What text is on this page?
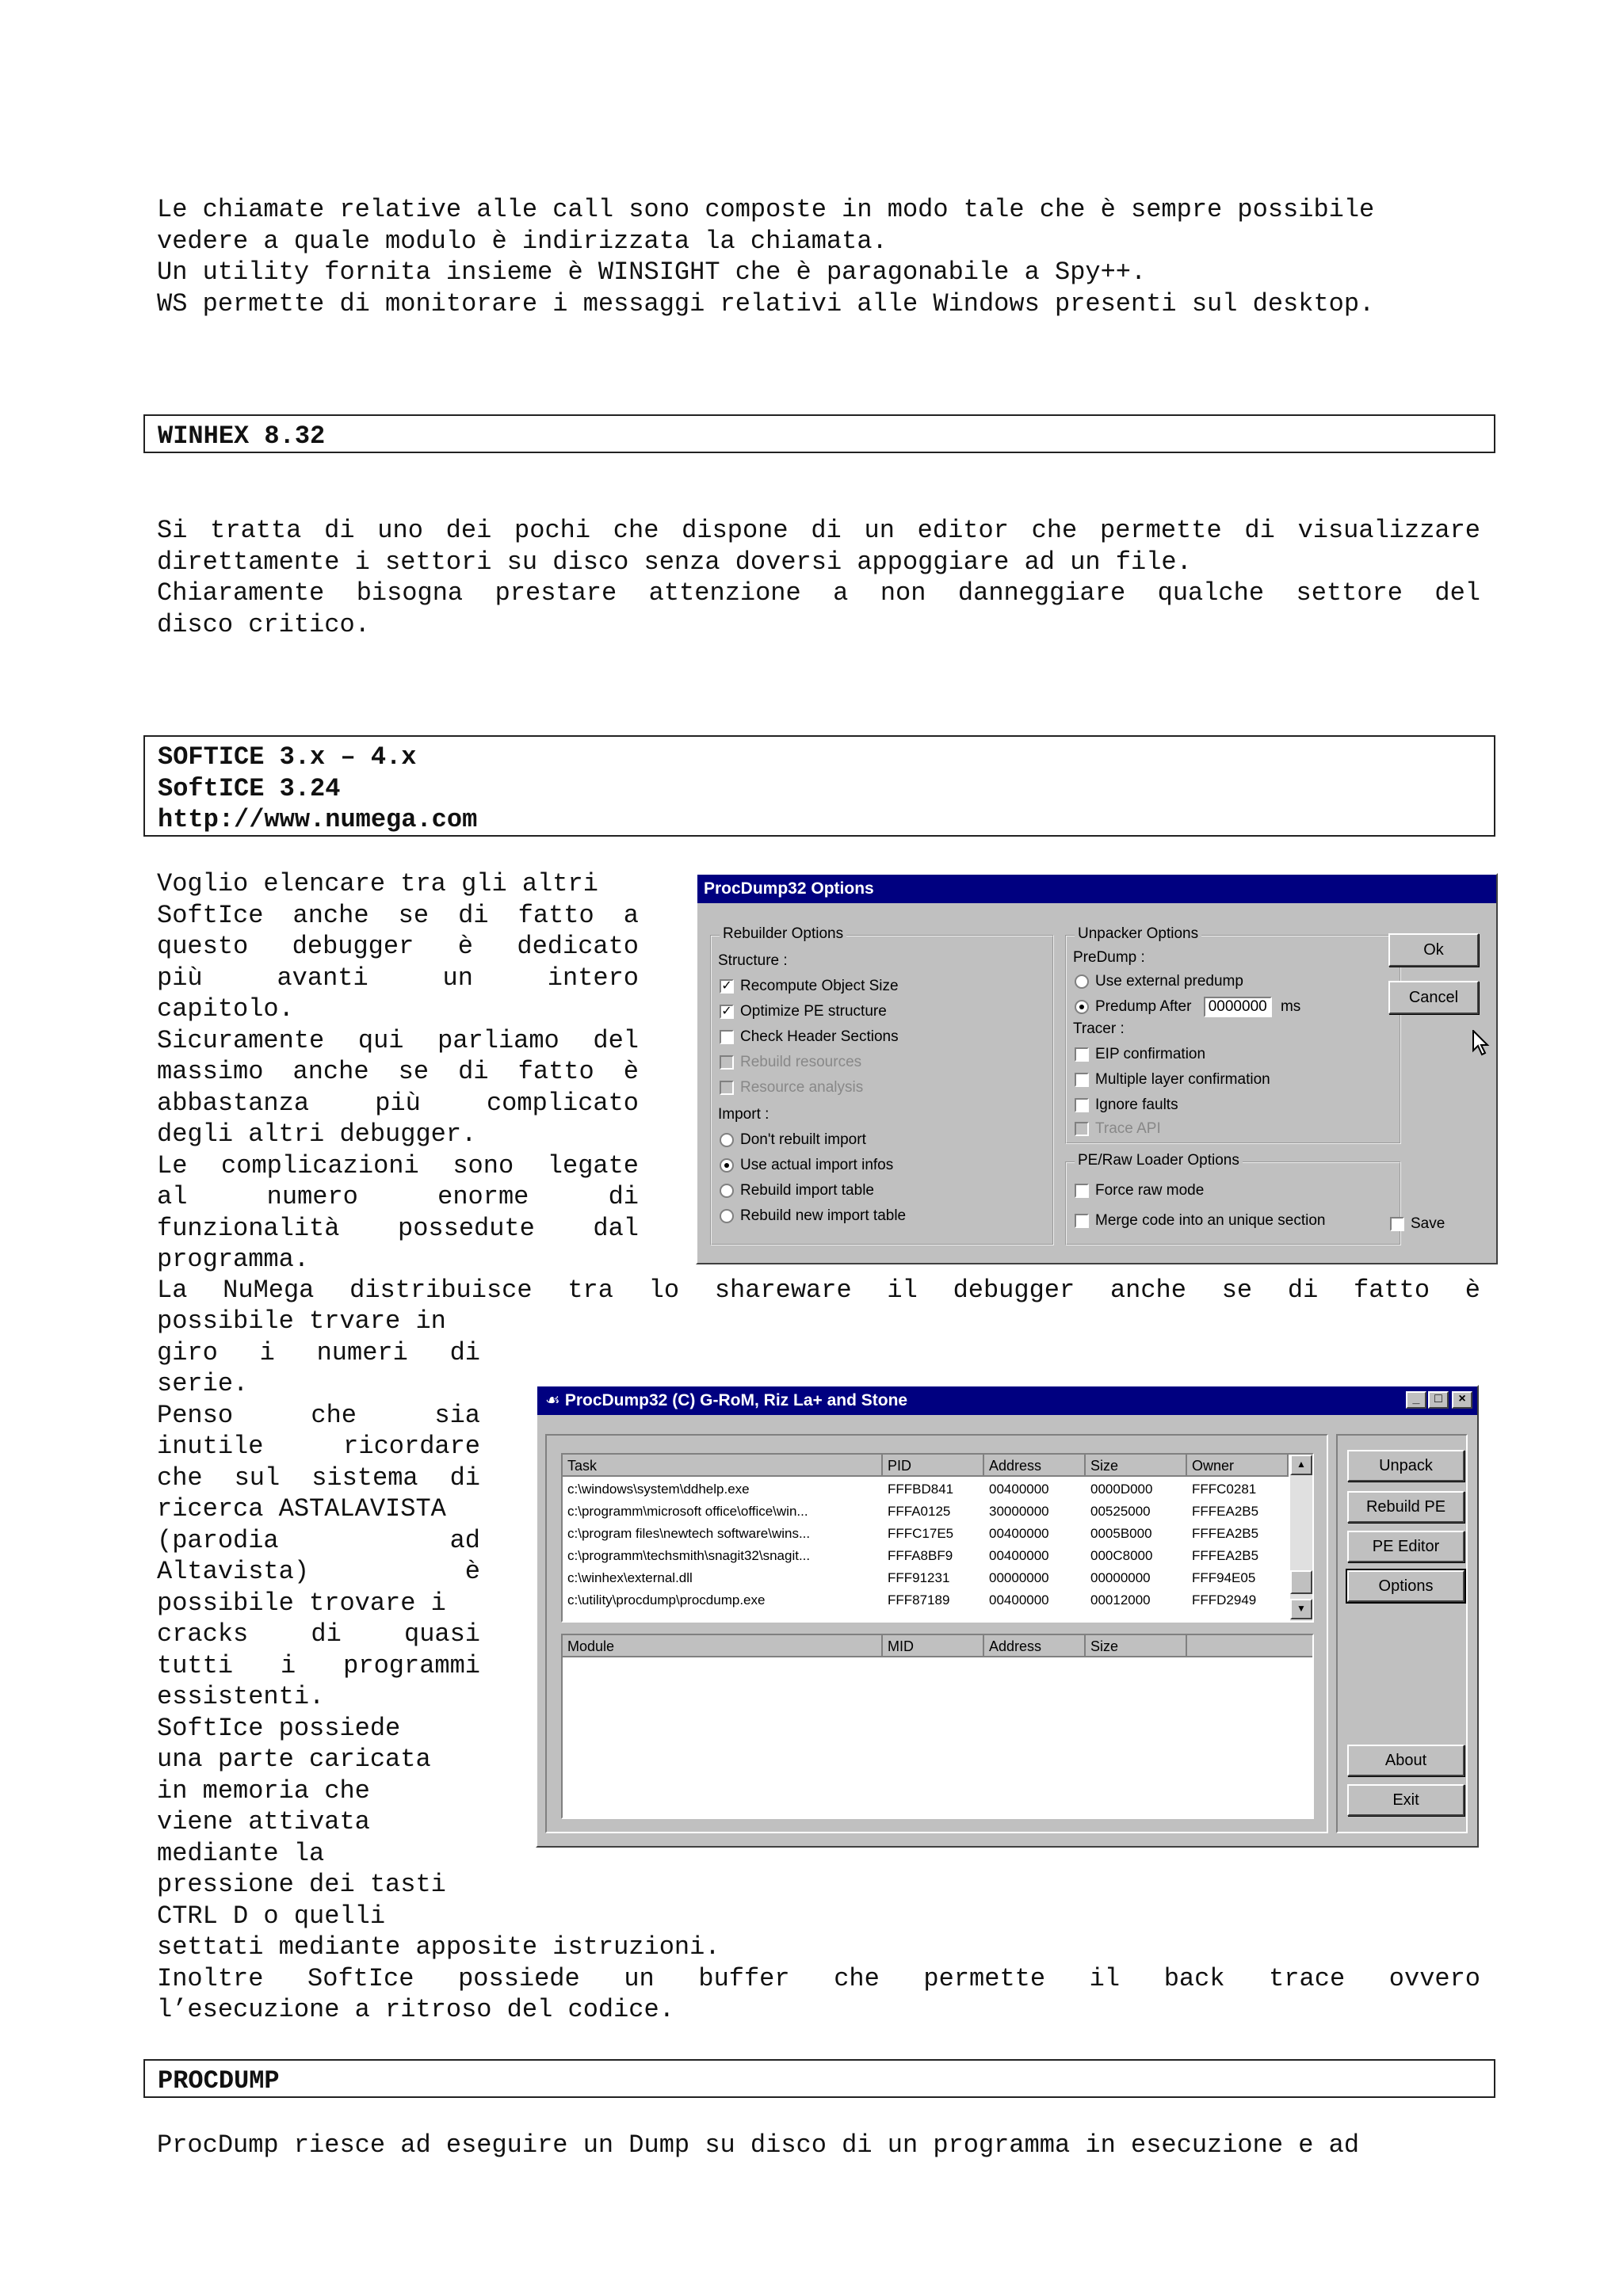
Le chiamate relative alle call sono composte in modo tale che è sempre possibile
vedere a quale modulo è indirizzata la chiamata.
Un utility fornita insieme è WINSIGHT che è paragonabile a Spy++.
WS permette di monitorare i messaggi relativi alle Windows presenti sul desktop.
WINHEX 8.32
Si tratta di uno dei pochi che dispone di un editor che permette di visualizzare
direttamente i settori su disco senza doversi appoggiare ad un file.
Chiaramente bisogna prestare attenzione a non danneggiare qualche settore del
disco critico.
SOFTICE 3.x – 4.x
SoftICE 3.24
http://www.numega.com
Voglio elencare tra gli altri
SoftIce anche se di fatto a
questo debugger è dedicato
più avanti un intero
capitolo.
Sicuramente qui parliamo del
massimo anche se di fatto è
abbastanza più complicato
degli altri debugger.
Le complicazioni sono legate
al numero enorme di
funzionalità possedute dal
programma.
La NuMega distribuisce tra lo shareware il debugger anche se di fatto è
possibile trvare in
giro i numeri di
serie.
Penso che sia
inutile ricordare
che sul sistema di
ricerca ASTALAVISTA
(parodia ad
Altavista) è
possibile trovare i
cracks di quasi
tutti i programmi
essistenti.
SoftIce possiede
una parte caricata
in memoria che
viene attivata
mediante la
pressione dei tasti
CTRL D o quelli
settati mediante apposite istruzioni.
Inoltre SoftIce possiede un buffer che permette il back trace ovvero
l’esecuzione a ritroso del codice.
PROCDUMP
ProcDump riesce ad eseguire un Dump su disco di un programma in esecuzione e ad
ProcDump32 Options
Rebuilder Options
Structure :
✓ Recompute Object Size
✓ Optimize PE structure
Check Header Sections
Rebuild resources
Resource analysis
Import :
Don't rebuilt import
Use actual import infos
Rebuild import table
Rebuild new import table
Unpacker Options
PreDump :
Use external predump
Predump After 0000000 ms
Tracer :
EIP confirmation
Multiple layer confirmation
Ignore faults
Trace API
PE/Raw Loader Options
Force raw mode
Merge code into an unique section
Ok
Cancel
Save
☙ ProcDump32 (C) G-RoM, Riz La+ and Stone	_ □ ×
Task	PID	Address	Size	Owner
c:\windows\system\ddhelp.exe	FFFBD841	00400000	0000D000	FFFC0281
c:\programm\microsoft office\office\win...	FFFA0125	30000000	00525000	FFFEA2B5
c:\program files\newtech software\wins...	FFFC17E5	00400000	0005B000	FFFEA2B5
c:\programm\techsmith\snagit32\snagit...	FFFA8BF9	00400000	000C8000	FFFEA2B5
c:\winhex\external.dll	FFF91231	00000000	00000000	FFF94E05
c:\utility\procdump\procdump.exe	FFF87189	00400000	00012000	FFFD2949
▲
▼
Module	MID	Address	Size
Unpack
Rebuild PE
PE Editor
Options
About
Exit
